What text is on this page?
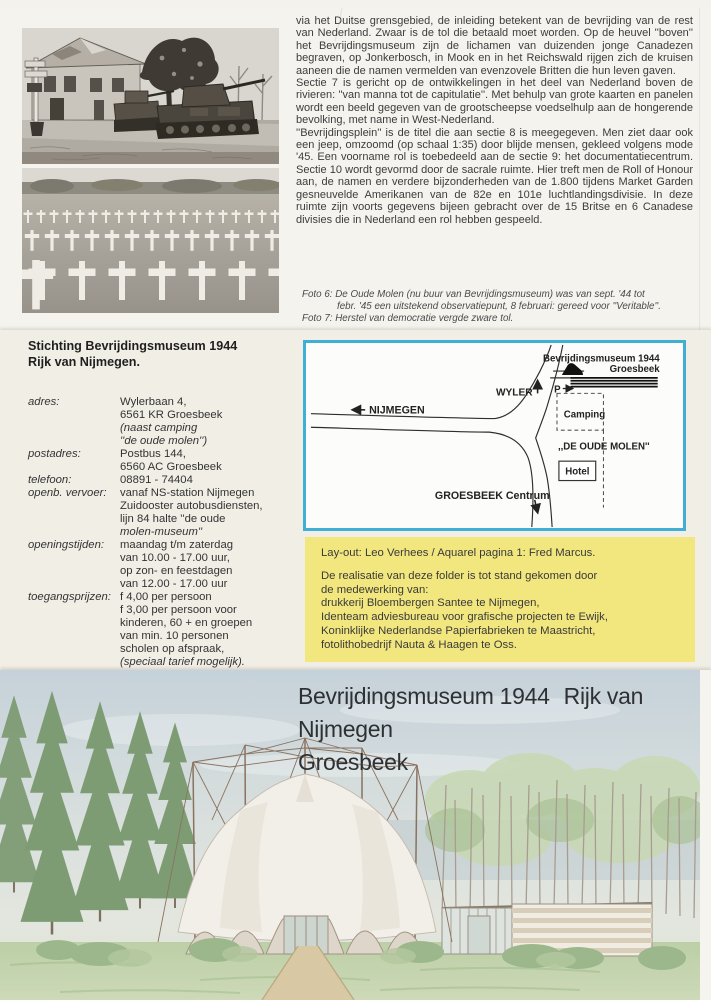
via het Duitse grensgebied, de inleiding betekent van de bevrijding van de rest van Nederland. Zwaar is de tol die betaald moet worden. Op de heuvel ''boven'' het Bevrijdingsmuseum zijn de lichamen van duizenden jonge Canadezen begraven, op Jonkerbosch, in Mook en in het Reichswald rijgen zich de kruisen aaneen die de namen vermelden van evenzovele Britten die hun leven gaven.

Sectie 7 is gericht op de ontwikkelingen in het deel van Nederland boven de rivieren: ''van manna tot de capitulatie''. Met behulp van grote kaarten en panelen wordt een beeld gegeven van de grootscheepse voedselhulp aan de hongerende bevolking, met name in West-Nederland.

''Bevrijdingsplein'' is de titel die aan sectie 8 is meegegeven. Men ziet daar ook een jeep, omzoomd (op schaal 1:35) door blijde mensen, gekleed volgens mode '45. Een voorname rol is toebedeeld aan de sectie 9: het documentatiecentrum. Sectie 10 wordt gevormd door de sacrale ruimte. Hier treft men de Roll of Honour aan, de namen en verdere bijzonderheden van de 1.800 tijdens Market Garden gesneuvelde Amerikanen van de 82e en 101e luchtlandingsdivisie. In deze ruimte zijn voorts gegevens bijeen gebracht over de 15 Britse en 6 Canadese divisies die in Nederland een rol hebben gespeeld.

Foto 6: De Oude Molen (nu buur van Bevrijdingsmuseum) was van sept. '44 tot
febr. '45 een uitstekend observatiepunt, 8 februari: gereed voor ''Veritable''.
Foto 7: Herstel van democratie vergde zware tol.
Stichting Bevrijdingsmuseum 1944
Rijk van Nijmegen.
adres:	Wylerbaan 4,
6561 KR Groesbeek
(naast camping
''de oude molen'')
postadres:	Postbus 144,
6560 AC Groesbeek
telefoon:	08891 - 74404
openb. vervoer:	vanaf NS-station Nijmegen
Zuidooster autobusdiensten,
lijn 84 halte ''de oude
molen-museum''
openingstijden:	maandag t/m zaterdag
van 10.00 - 17.00 uur,
op zon- en feestdagen
van 12.00 - 17.00 uur
toegangsprijzen: f 4,00 per persoon
f 3,00 per persoon voor
kinderen, 60 + en groepen
van min. 10 personen
scholen op afspraak,
(speciaal tarief mogelijk).
Bevrijdingsmuseum 1944
Groesbeek
WYLER
NIJMEGEN
GROESBEEK Centrum
P
Camping
,,DE OUDE MOLEN''
Hotel

Lay-out: Leo Verhees / Aquarel pagina 1: Fred Marcus.

De realisatie van deze folder is tot stand gekomen door

de medewerking van:

drukkerij Bloembergen Santee te Nijmegen,

Identeam adviesbureau voor grafische projecten te Ewijk,

Koninklijke Nederlandse Papierfabrieken te Maastricht,

fotolithobedrijf Nauta & Haagen te Oss.

Bevrijdingsmuseum 1944 Rijk van Nijmegen
Groesbeek
